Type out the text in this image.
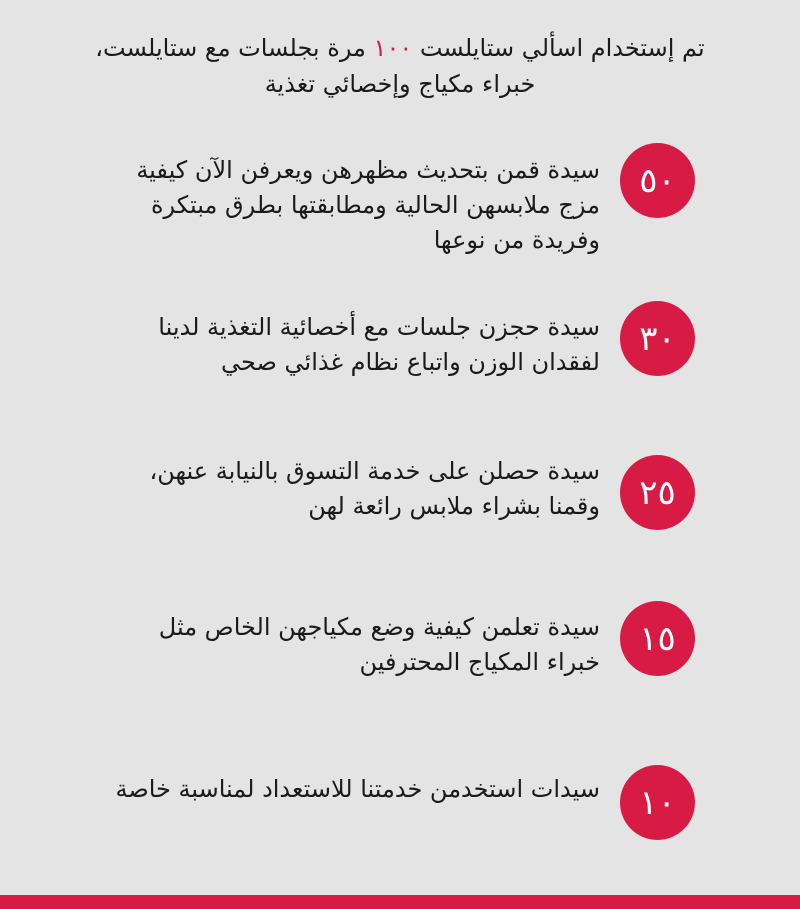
تم إستخدام اسألي ستايلست ١٠٠ مرة بجلسات مع ستايلست، خبراء مكياج وإخصائي تغذية
٥٠
سيدة قمن بتحديث مظهرهن ويعرفن الآن كيفية مزج ملابسهن الحالية ومطابقتها بطرق مبتكرة وفريدة من نوعها
٣٠
سيدة حجزن جلسات مع أخصائية التغذية لدينا لفقدان الوزن واتباع نظام غذائي صحي
٢٥
سيدة حصلن على خدمة التسوق بالنيابة عنهن، وقمنا بشراء ملابس رائعة لهن
١٥
سيدة تعلمن كيفية وضع مكياجهن الخاص مثل خبراء المكياج المحترفين
١٠
سيدات استخدمن خدمتنا للاستعداد لمناسبة خاصة
